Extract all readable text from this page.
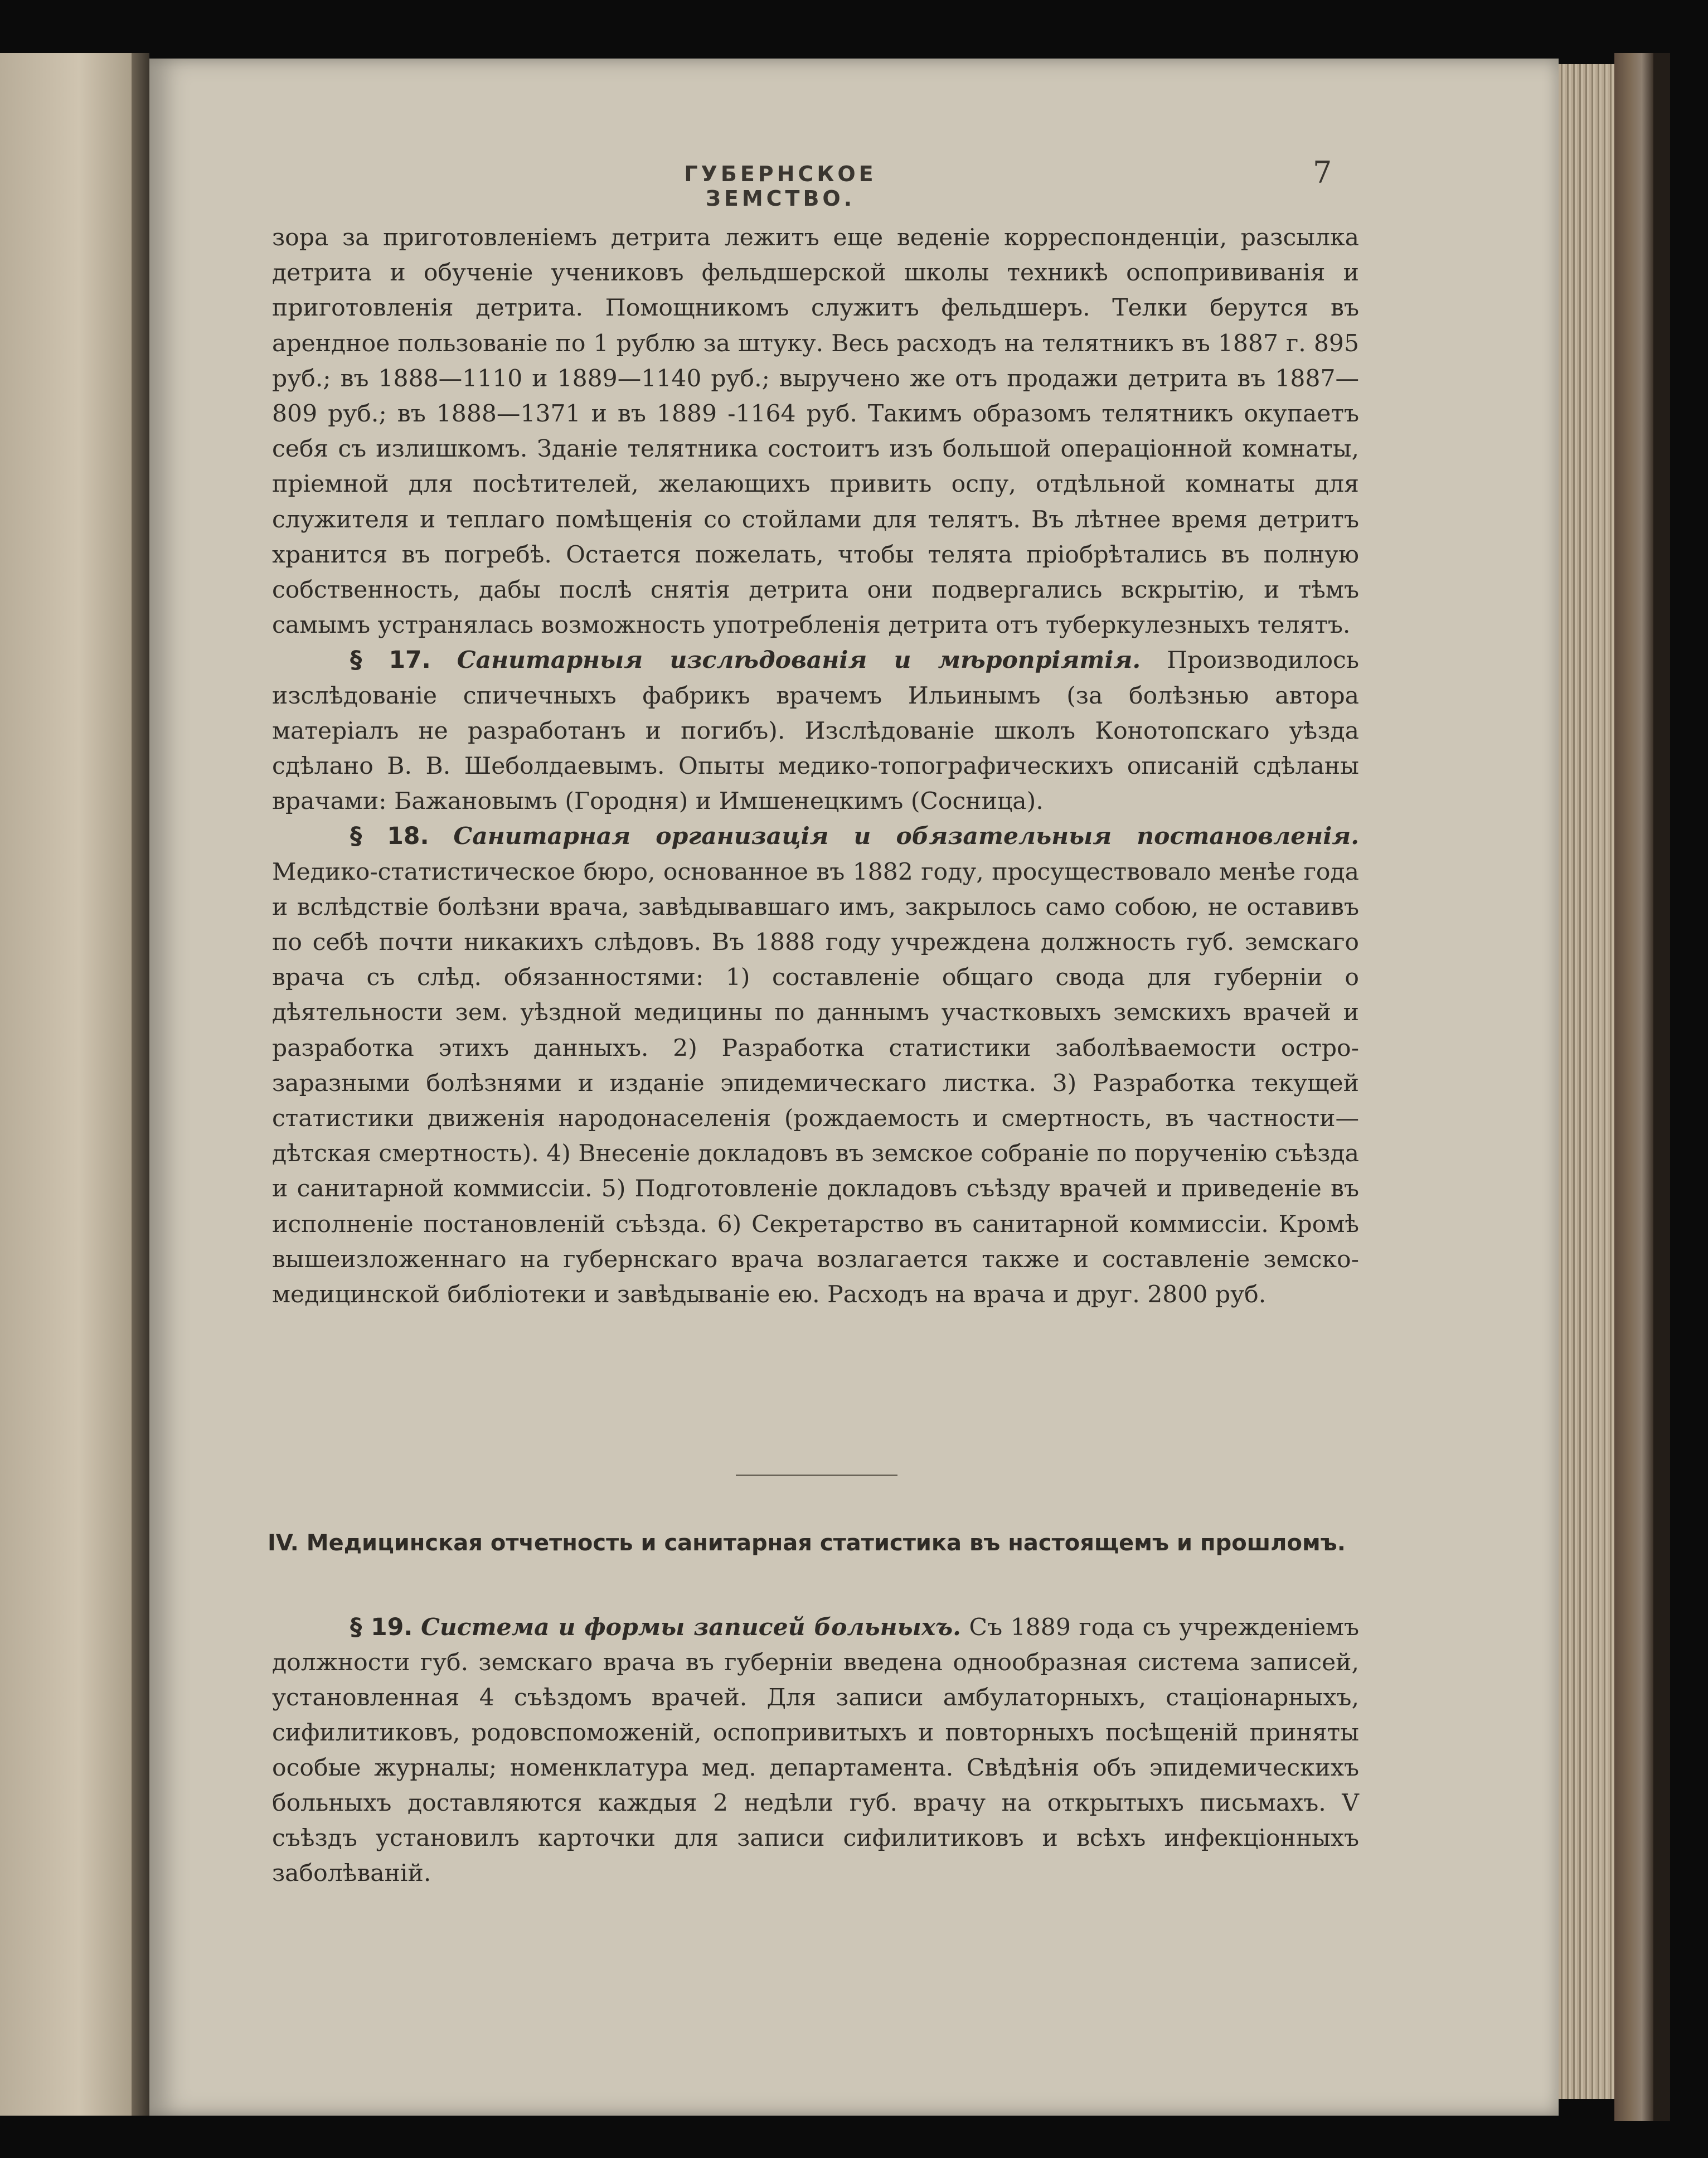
ГУБЕРНСКОЕ ЗЕМСТВО.
7

зора за приготовленіемъ детрита лежитъ еще веденіе корреспонденціи, разсылка детрита и обученіе учениковъ фельдшерской школы техникѣ оспопрививанія и приготовленія детрита. Помощникомъ служитъ фельдшеръ. Телки берутся въ арендное пользованіе по 1 рублю за штуку. Весь расходъ на телятникъ въ 1887 г. 895 руб.; въ 1888—1110 и 1889—1140 руб.; выручено же отъ продажи детрита въ 1887—809 руб.; въ 1888—1371 и въ 1889 -1164 руб. Такимъ образомъ телятникъ окупаетъ себя съ излишкомъ. Зданіе телятника состоитъ изъ большой операціонной комнаты, пріемной для посѣтителей, желающихъ привить оспу, отдѣльной комнаты для служителя и теплаго помѣщенія со стойлами для телятъ. Въ лѣтнее время детритъ хранится въ погребѣ. Остается пожелать, чтобы телята пріобрѣтались въ полную собственность, дабы послѣ снятія детрита они подвергались вскрытію, и тѣмъ самымъ устранялась возможность употребленія детрита отъ туберкулезныхъ телятъ.

§ 17. Санитарныя изслѣдованія и мѣропріятія. Производилось изслѣдованіе спичечныхъ фабрикъ врачемъ Ильинымъ (за болѣзнью автора матеріалъ не разработанъ и погибъ). Изслѣдованіе школъ Конотопскаго уѣзда сдѣлано В. В. Шеболдаевымъ. Опыты медико-топографическихъ описаній сдѣланы врачами: Бажановымъ (Городня) и Имшенецкимъ (Сосница).

§ 18. Санитарная организація и обязательныя постановленія. Медико-статистическое бюро, основанное въ 1882 году, просуществовало менѣе года и вслѣдствіе болѣзни врача, завѣдывавшаго имъ, закрылось само собою, не оставивъ по себѣ почти никакихъ слѣдовъ. Въ 1888 году учреждена должность губ. земскаго врача съ слѣд. обязанностями: 1) составленіе общаго свода для губерніи о дѣятельности зем. уѣздной медицины по даннымъ участковыхъ земскихъ врачей и разработка этихъ данныхъ. 2) Разработка статистики заболѣваемости остро-заразными болѣзнями и изданіе эпидемическаго листка. 3) Разработка текущей статистики движенія народонаселенія (рождаемость и смертность, въ частности—дѣтская смертность). 4) Внесеніе докладовъ въ земское собраніе по порученію съѣзда и санитарной коммиссіи. 5) Подготовленіе докладовъ съѣзду врачей и приведеніе въ исполненіе постановленій съѣзда. 6) Секретарство въ санитарной коммиссіи. Кромѣ вышеизложеннаго на губернскаго врача возлагается также и составленіе земско-медицинской библіотеки и завѣдываніе ею. Расходъ на врача и друг. 2800 руб.

IV. Медицинская отчетность и санитарная статистика въ настоящемъ и прошломъ.

§ 19. Система и формы записей больныхъ. Съ 1889 года съ учрежденіемъ должности губ. земскаго врача въ губерніи введена однообразная система записей, установленная 4 съѣздомъ врачей. Для записи амбулаторныхъ, стаціонарныхъ, сифилитиковъ, родовспоможеній, оспопривитыхъ и повторныхъ посѣщеній приняты особые журналы; номенклатура мед. департамента. Свѣдѣнія объ эпидемическихъ больныхъ доставляются каждыя 2 недѣли губ. врачу на открытыхъ письмахъ. V съѣздъ установилъ карточки для записи сифилитиковъ и всѣхъ инфекціонныхъ заболѣваній.
